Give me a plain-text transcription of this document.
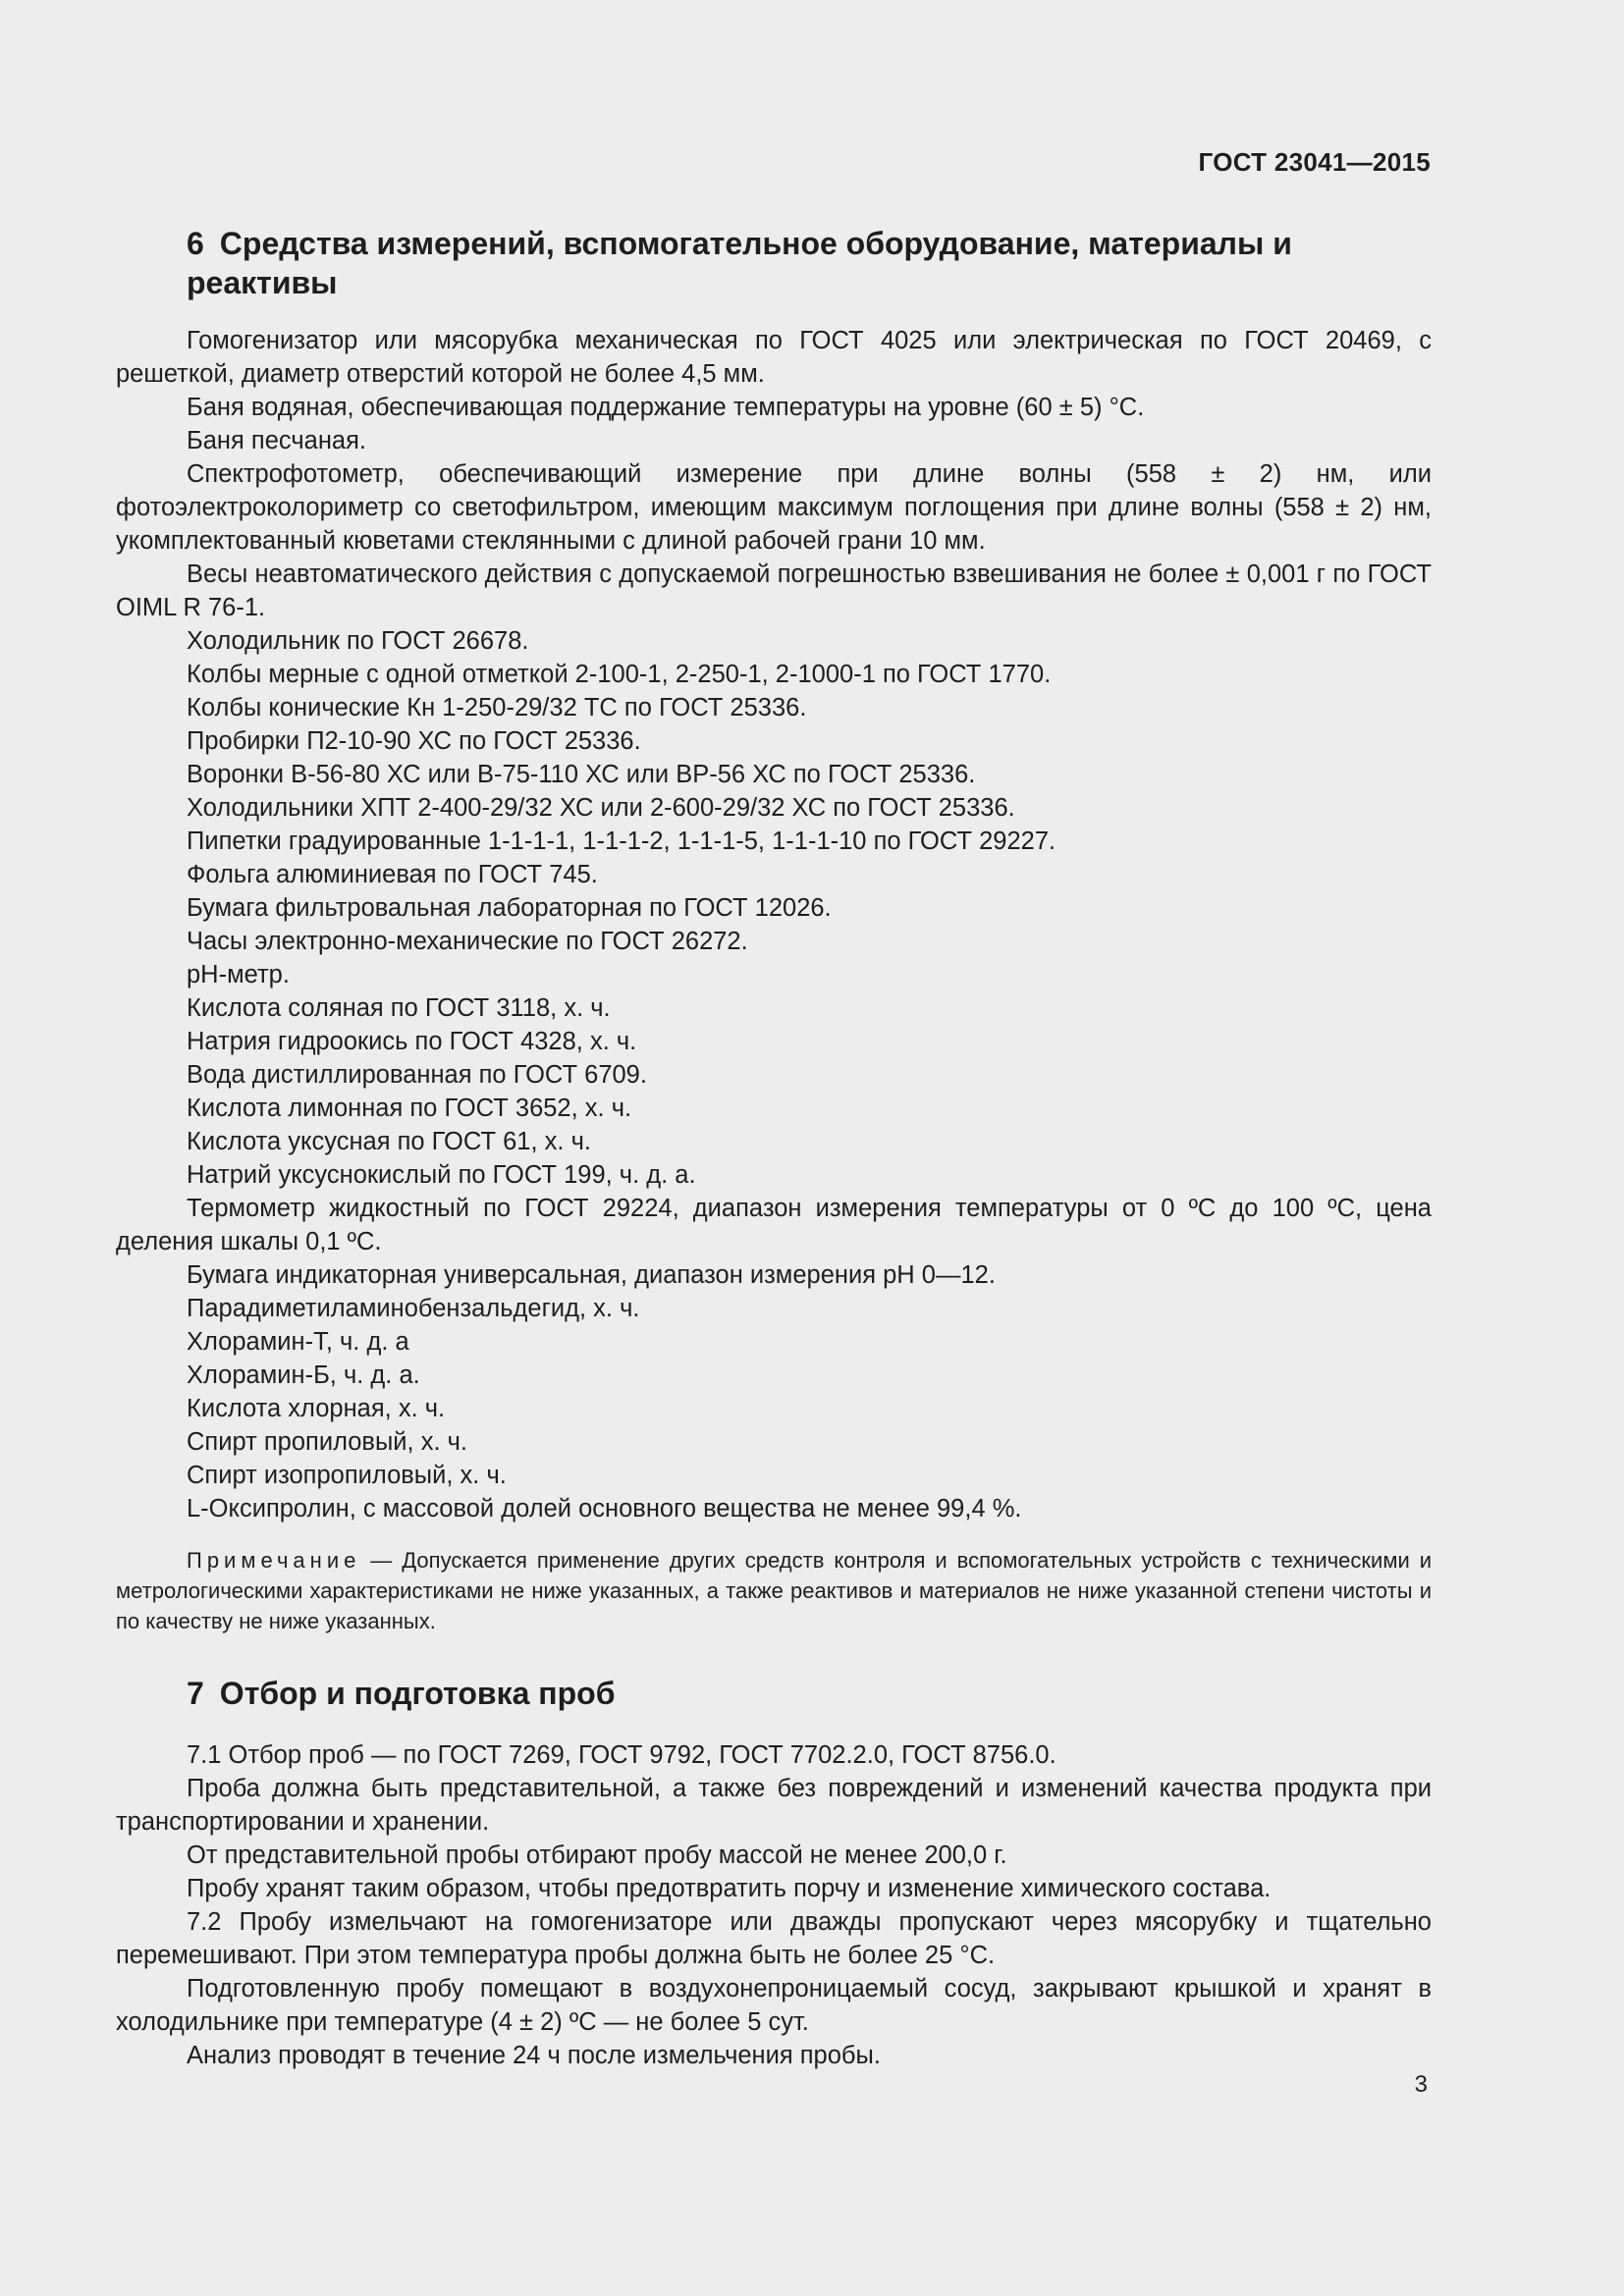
ГОСТ 23041—2015
6 Средства измерений, вспомогательное оборудование, материалы и реактивы

Гомогенизатор или мясорубка механическая по ГОСТ 4025 или электрическая по ГОСТ 20469, с решеткой, диаметр отверстий которой не более 4,5 мм.

Баня водяная, обеспечивающая поддержание температуры на уровне (60 ± 5) °С.

Баня песчаная.

Спектрофотометр, обеспечивающий измерение при длине волны (558 ± 2) нм, или фотоэлектроколориметр со светофильтром, имеющим максимум поглощения при длине волны (558 ± 2) нм, укомплектованный кюветами стеклянными с длиной рабочей грани 10 мм.

Весы неавтоматического действия с допускаемой погрешностью взвешивания не более ± 0,001 г по ГОСТ OIML R 76-1.

Холодильник по ГОСТ 26678.

Колбы мерные с одной отметкой 2-100-1, 2-250-1, 2-1000-1 по ГОСТ 1770.

Колбы конические Кн 1-250-29/32 ТС по ГОСТ 25336.

Пробирки П2-10-90 ХС по ГОСТ 25336.

Воронки В-56-80 ХС или В-75-110 ХС или ВР-56 ХС по ГОСТ 25336.

Холодильники ХПТ 2-400-29/32 ХС или 2-600-29/32 ХС по ГОСТ 25336.

Пипетки градуированные 1-1-1-1, 1-1-1-2, 1-1-1-5, 1-1-1-10 по ГОСТ 29227.

Фольга алюминиевая по ГОСТ 745.

Бумага фильтровальная лабораторная по ГОСТ 12026.

Часы электронно-механические по ГОСТ 26272.

рН-метр.

Кислота соляная по ГОСТ 3118, х. ч.

Натрия гидроокись по ГОСТ 4328, х. ч.

Вода дистиллированная по ГОСТ 6709.

Кислота лимонная по ГОСТ 3652, х. ч.

Кислота уксусная по ГОСТ 61, х. ч.

Натрий уксуснокислый по ГОСТ 199, ч. д. а.

Термометр жидкостный по ГОСТ 29224, диапазон измерения температуры от 0 ºС до 100 ºС, цена деления шкалы 0,1 ºС.

Бумага индикаторная универсальная, диапазон измерения рН 0—12.

Парадиметиламинобензальдегид, х. ч.

Хлорамин-Т, ч. д. а

Хлорамин-Б, ч. д. а.

Кислота хлорная, х. ч.

Спирт пропиловый, х. ч.

Спирт изопропиловый, х. ч.

L-Оксипролин, с массовой долей основного вещества не менее 99,4 %.

Примечание — Допускается применение других средств контроля и вспомогательных устройств с техническими и метрологическими характеристиками не ниже указанных, а также реактивов и материалов не ниже указанной степени чистоты и по качеству не ниже указанных.

7 Отбор и подготовка проб

7.1 Отбор проб — по ГОСТ 7269, ГОСТ 9792, ГОСТ 7702.2.0, ГОСТ 8756.0.

Проба должна быть представительной, а также без повреждений и изменений качества продукта при транспортировании и хранении.

От представительной пробы отбирают пробу массой не менее 200,0 г.

Пробу хранят таким образом, чтобы предотвратить порчу и изменение химического состава.

7.2 Пробу измельчают на гомогенизаторе или дважды пропускают через мясорубку и тщательно перемешивают. При этом температура пробы должна быть не более 25 °С.

Подготовленную пробу помещают в воздухонепроницаемый сосуд, закрывают крышкой и хранят в холодильнике при температуре (4 ± 2) ºС — не более 5 сут.

Анализ проводят в течение 24 ч после измельчения пробы.

3
